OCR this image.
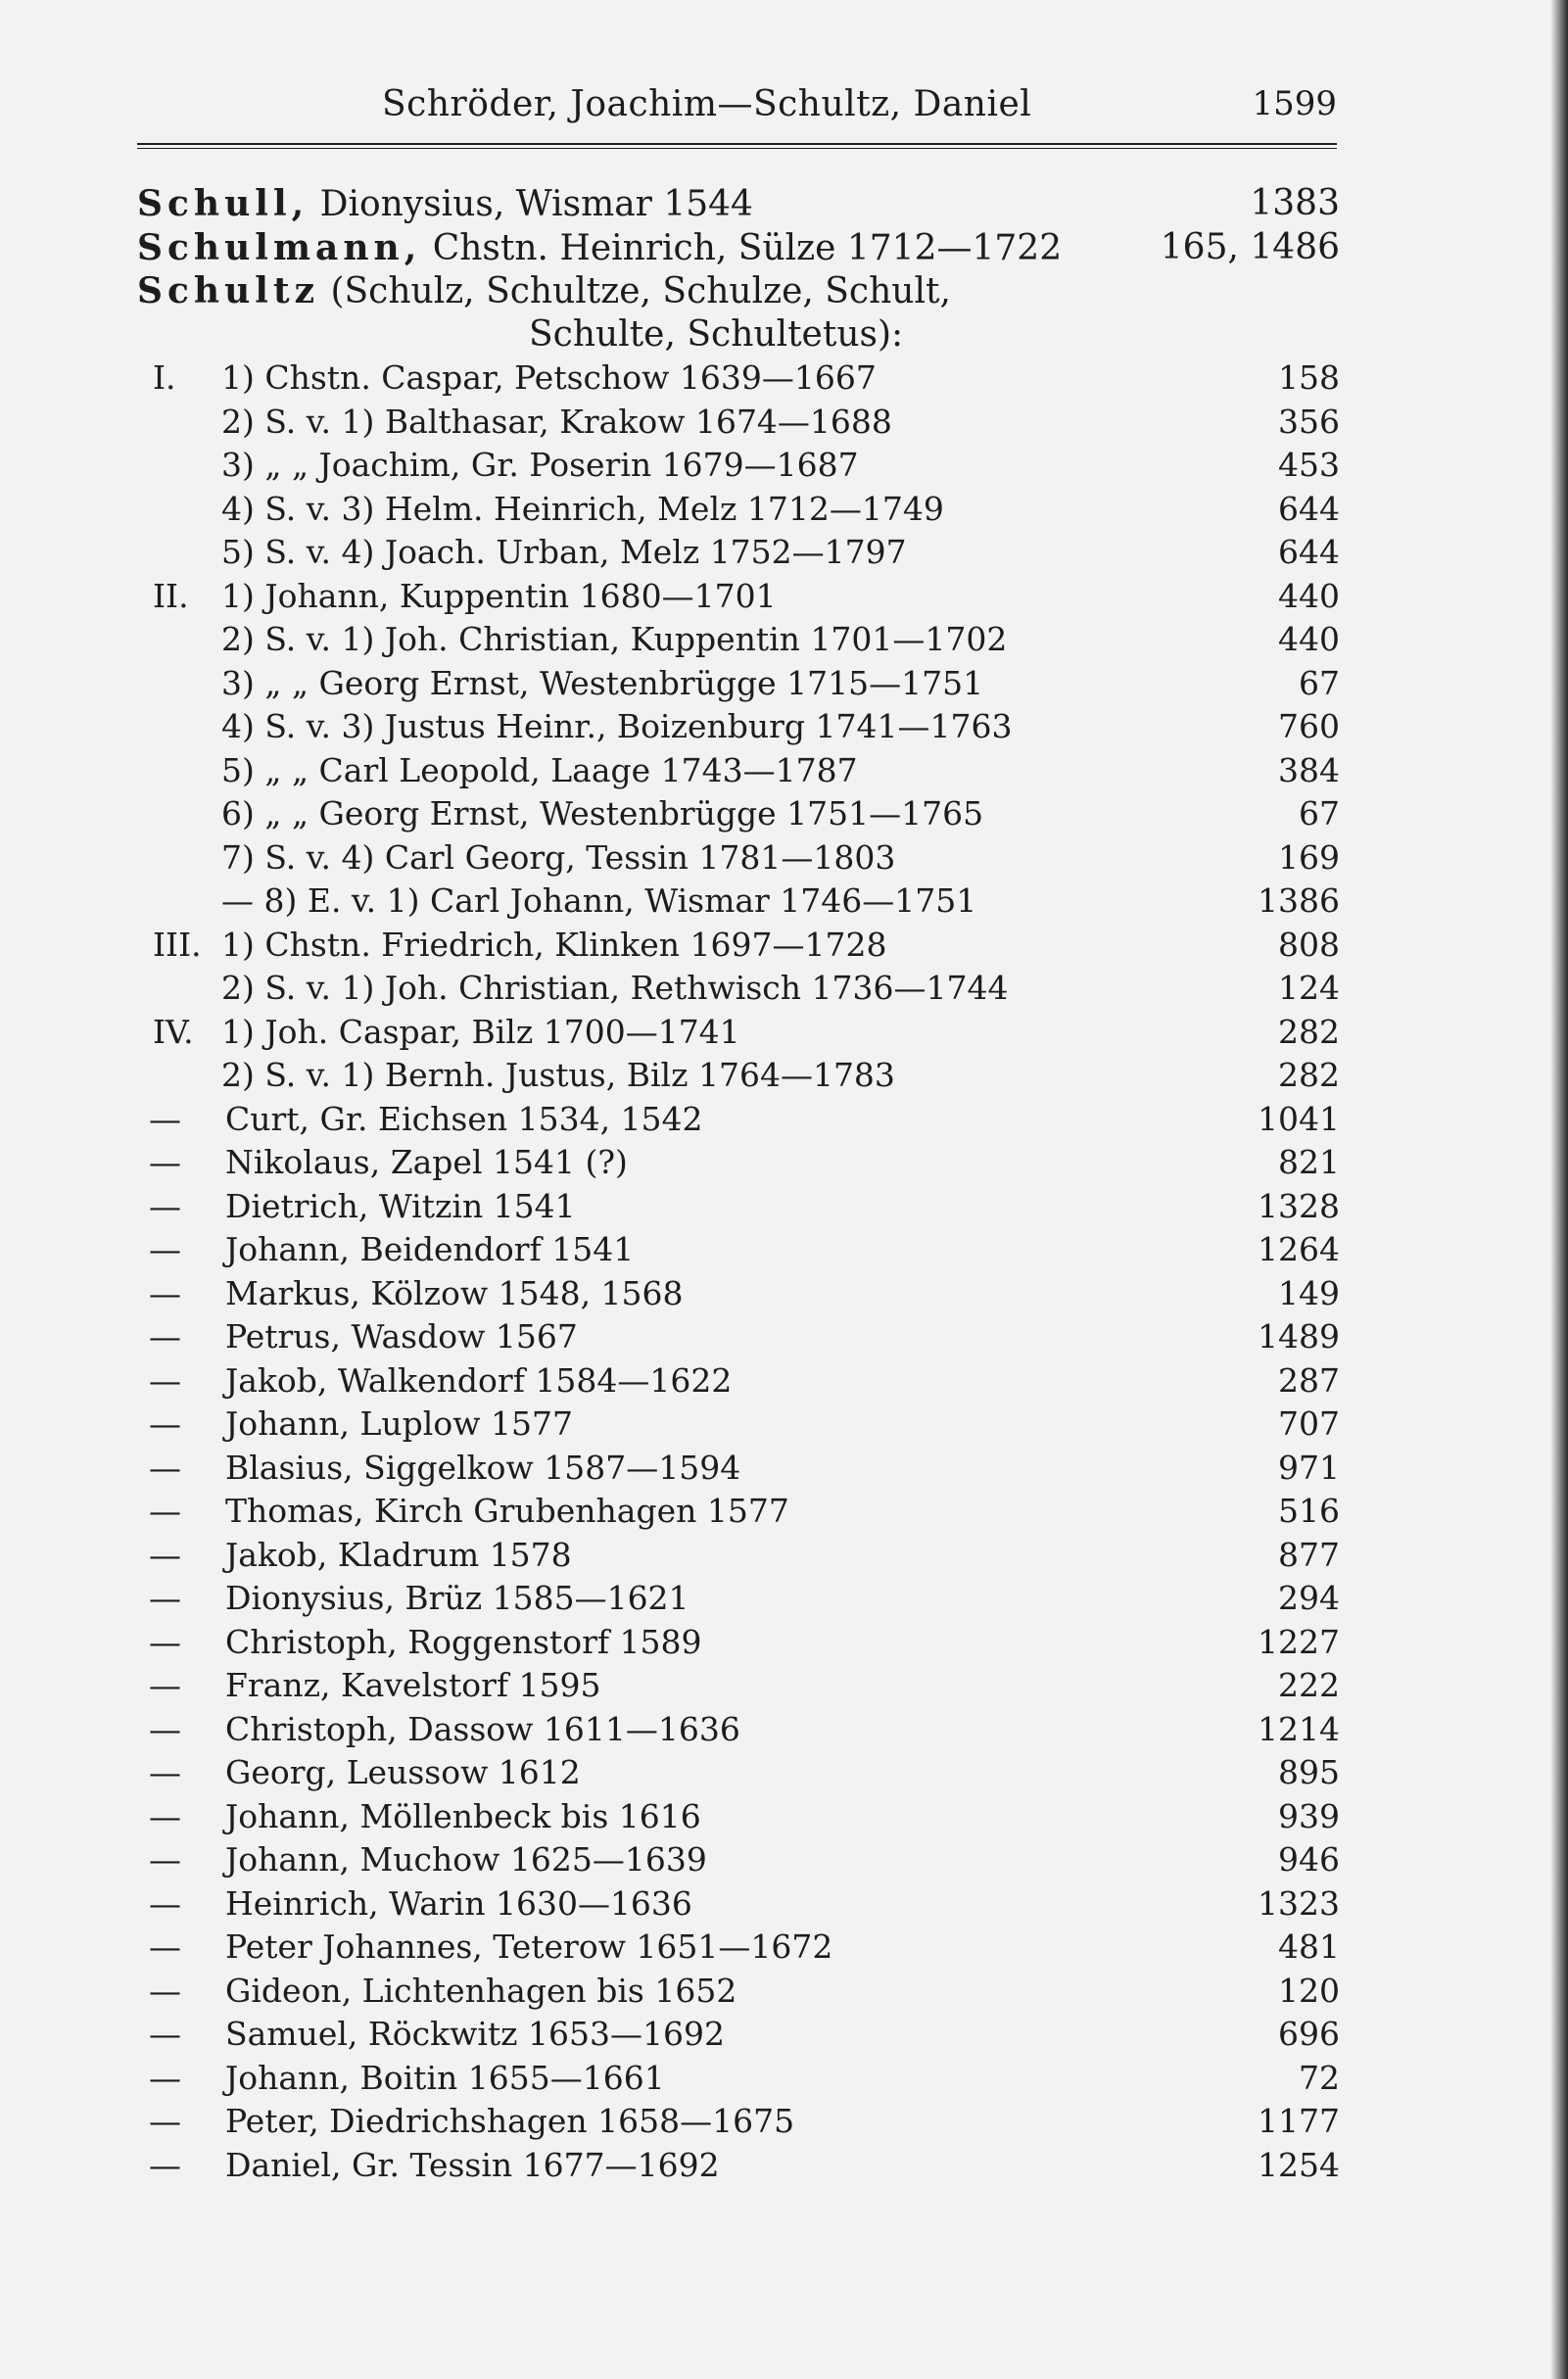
Schröder, Joachim—Schultz, Daniel	1599
Schull, Dionysius, Wismar 1544	1383
Schulmann, Chstn. Heinrich, Sülze 1712—1722	165, 1486
Schultz (Schulz, Schultze, Schulze, Schult,
Schulte, Schultetus):
I. 1) Chstn. Caspar, Petschow 1639—1667	158
2) S. v. 1) Balthasar, Krakow 1674—1688	356
3) „ „ Joachim, Gr. Poserin 1679—1687	453
4) S. v. 3) Helm. Heinrich, Melz 1712—1749	644
5) S. v. 4) Joach. Urban, Melz 1752—1797	644
II. 1) Johann, Kuppentin 1680—1701	440
2) S. v. 1) Joh. Christian, Kuppentin 1701—1702	440
3) „ „ Georg Ernst, Westenbrügge 1715—1751	67
4) S. v. 3) Justus Heinr., Boizenburg 1741—1763	760
5) „ „ Carl Leopold, Laage 1743—1787	384
6) „ „ Georg Ernst, Westenbrügge 1751—1765	67
7) S. v. 4) Carl Georg, Tessin 1781—1803	169
— 8) E. v. 1) Carl Johann, Wismar 1746—1751	1386
III. 1) Chstn. Friedrich, Klinken 1697—1728	808
2) S. v. 1) Joh. Christian, Rethwisch 1736—1744	124
IV. 1) Joh. Caspar, Bilz 1700—1741	282
2) S. v. 1) Bernh. Justus, Bilz 1764—1783	282
— Curt, Gr. Eichsen 1534, 1542	1041
— Nikolaus, Zapel 1541 (?)	821
— Dietrich, Witzin 1541	1328
— Johann, Beidendorf 1541	1264
— Markus, Kölzow 1548, 1568	149
— Petrus, Wasdow 1567	1489
— Jakob, Walkendorf 1584—1622	287
— Johann, Luplow 1577	707
— Blasius, Siggelkow 1587—1594	971
— Thomas, Kirch Grubenhagen 1577	516
— Jakob, Kladrum 1578	877
— Dionysius, Brüz 1585—1621	294
— Christoph, Roggenstorf 1589	1227
— Franz, Kavelstorf 1595	222
— Christoph, Dassow 1611—1636	1214
— Georg, Leussow 1612	895
— Johann, Möllenbeck bis 1616	939
— Johann, Muchow 1625—1639	946
— Heinrich, Warin 1630—1636	1323
— Peter Johannes, Teterow 1651—1672	481
— Gideon, Lichtenhagen bis 1652	120
— Samuel, Röckwitz 1653—1692	696
— Johann, Boitin 1655—1661	72
— Peter, Diedrichshagen 1658—1675	1177
— Daniel, Gr. Tessin 1677—1692	1254
